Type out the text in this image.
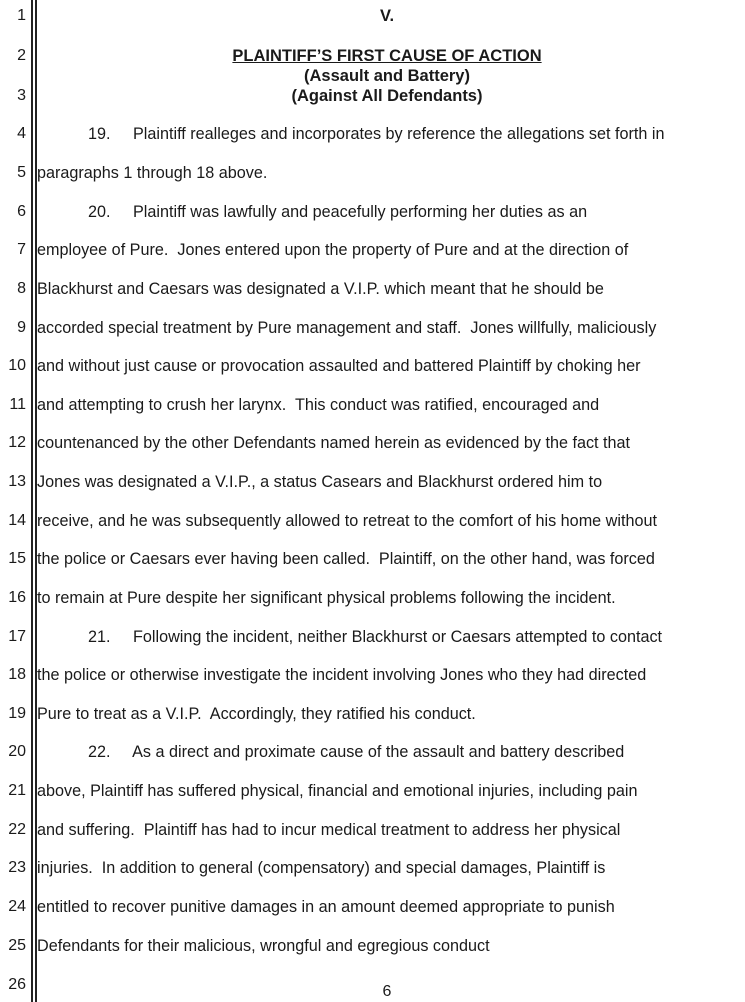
1
2
3
4
5
6
7
8
9
10
11
12
13
14
15
16
17
18
19
20
21
22
23
24
25
26
V.
PLAINTIFF’S FIRST CAUSE OF ACTION
(Assault and Battery)
(Against All Defendants)
19.     Plaintiff realleges and incorporates by reference the allegations set forth in
paragraphs 1 through 18 above.
20.     Plaintiff was lawfully and peacefully performing her duties as an
employee of Pure.  Jones entered upon the property of Pure and at the direction of
Blackhurst and Caesars was designated a V.I.P. which meant that he should be
accorded special treatment by Pure management and staff.  Jones willfully, maliciously
and without just cause or provocation assaulted and battered Plaintiff by choking her
and attempting to crush her larynx.  This conduct was ratified, encouraged and
countenanced by the other Defendants named herein as evidenced by the fact that
Jones was designated a V.I.P., a status Casears and Blackhurst ordered him to
receive, and he was subsequently allowed to retreat to the comfort of his home without
the police or Caesars ever having been called.  Plaintiff, on the other hand, was forced
to remain at Pure despite her significant physical problems following the incident.
21.     Following the incident, neither Blackhurst or Caesars attempted to contact
the police or otherwise investigate the incident involving Jones who they had directed
Pure to treat as a V.I.P.  Accordingly, they ratified his conduct.
22.     As a direct and proximate cause of the assault and battery described
above, Plaintiff has suffered physical, financial and emotional injuries, including pain
and suffering.  Plaintiff has had to incur medical treatment to address her physical
injuries.  In addition to general (compensatory) and special damages, Plaintiff is
entitled to recover punitive damages in an amount deemed appropriate to punish
Defendants for their malicious, wrongful and egregious conduct
6
